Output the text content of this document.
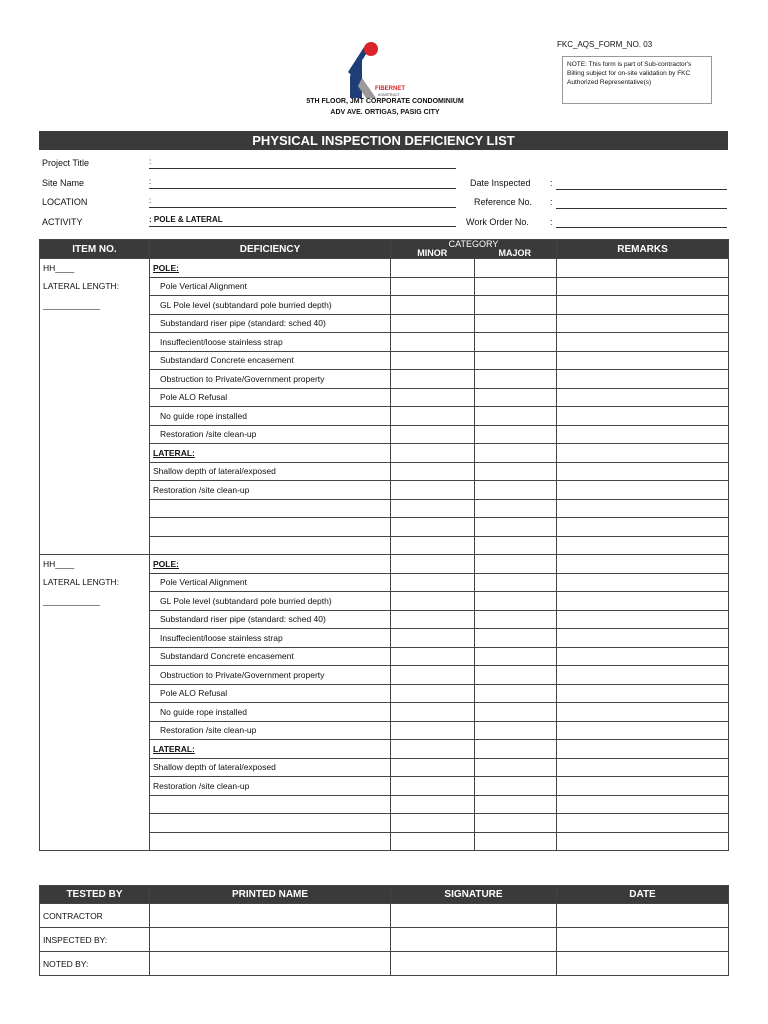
FKC_AQS_FORM_NO. 03
NOTE: This form is part of Sub-contractor's Billing subject for on-site validation by FKC Authorized Representative(s)
FIBERNET
KONSTRUCT
5TH FLOOR, JMT CORPORATE CONDOMINIUM
ADV AVE. ORTIGAS, PASIG CITY
PHYSICAL INSPECTION DEFICIENCY LIST
Project Title	:
Site Name	:
LOCATION	:
ACTIVITY	: POLE & LATERAL
Date Inspected :
Reference No. :
Work Order No. :
ITEM NO.	DEFICIENCY	CATEGORY
MINOR MAJOR		REMARKS
HH____	POLE:			
LATERAL LENGTH:	Pole Vertical Alignment			
____________	GL Pole level (subtandard pole burried depth)			
	Substandard riser pipe (standard: sched 40)			
	Insuffecient/loose stainless strap			
	Substandard Concrete encasement			
	Obstruction to Private/Government property			
	Pole ALO Refusal			
	No guide rope installed			
	Restoration /site clean-up			
	LATERAL:			
	Shallow depth of lateral/exposed			
	Restoration /site clean-up			

HH____	POLE:			
LATERAL LENGTH:	Pole Vertical Alignment			
____________	GL Pole level (subtandard pole burried depth)			
	Substandard riser pipe (standard: sched 40)			
	Insuffecient/loose stainless strap			
	Substandard Concrete encasement			
	Obstruction to Private/Government property			
	Pole ALO Refusal			
	No guide rope installed			
	Restoration /site clean-up			
	LATERAL:			
	Shallow depth of lateral/exposed			
	Restoration /site clean-up			

TESTED BY	PRINTED NAME	SIGNATURE	DATE
CONTRACTOR			
INSPECTED BY:			
NOTED BY:			
